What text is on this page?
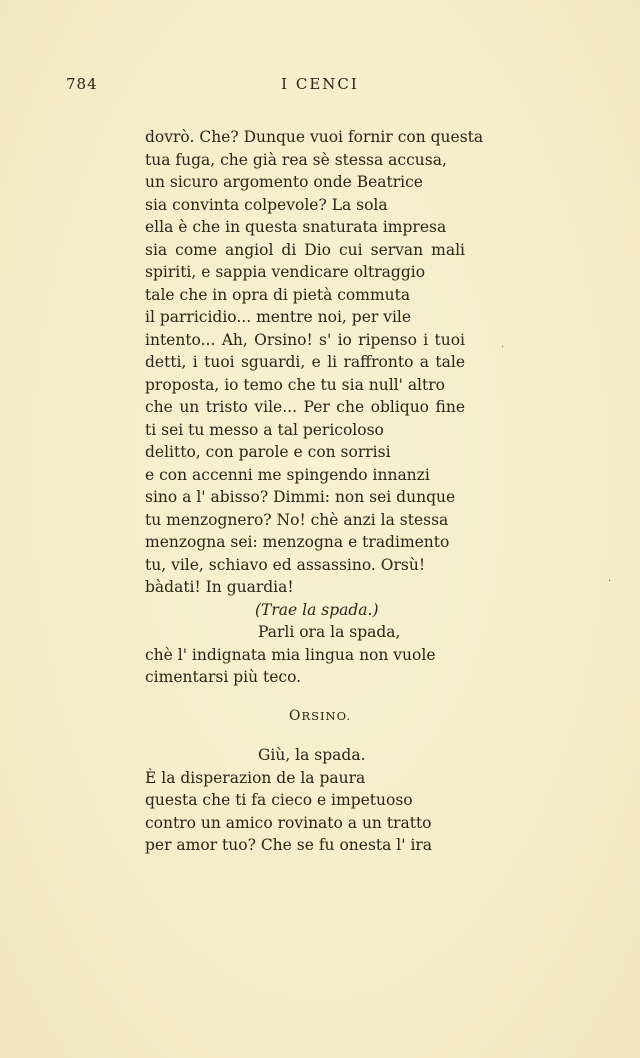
784	I CENCI
dovrò. Che? Dunque vuoi fornir con questa
tua fuga, che già rea sè stessa accusa,
un sicuro argomento onde Beatrice
sia convinta colpevole? La sola
ella è che in questa snaturata impresa
sia come angiol di Dio cui servan mali
spiriti, e sappia vendicare oltraggio
tale che in opra di pietà commuta
il parricidio... mentre noi, per vile
intento... Ah, Orsino! s' io ripenso i tuoi
detti, i tuoi sguardi, e li raffronto a tale
proposta, io temo che tu sia null' altro
che un tristo vile... Per che obliquo fine
ti sei tu messo a tal pericoloso
delitto, con parole e con sorrisi
e con accenni me spingendo innanzi
sino a l' abisso? Dimmi: non sei dunque
tu menzognero? No! chè anzi la stessa
menzogna sei: menzogna e tradimento
tu, vile, schiavo ed assassino. Orsù!
bàdati! In guardia!
(Trae la spada.)
Parli ora la spada,
chè l' indignata mia lingua non vuole
cimentarsi più teco.
ORSINO.
Giù, la spada.
È la disperazion de la paura
questa che ti fa cieco e impetuoso
contro un amico rovinato a un tratto
per amor tuo? Che se fu onesta l' ira
·
·
